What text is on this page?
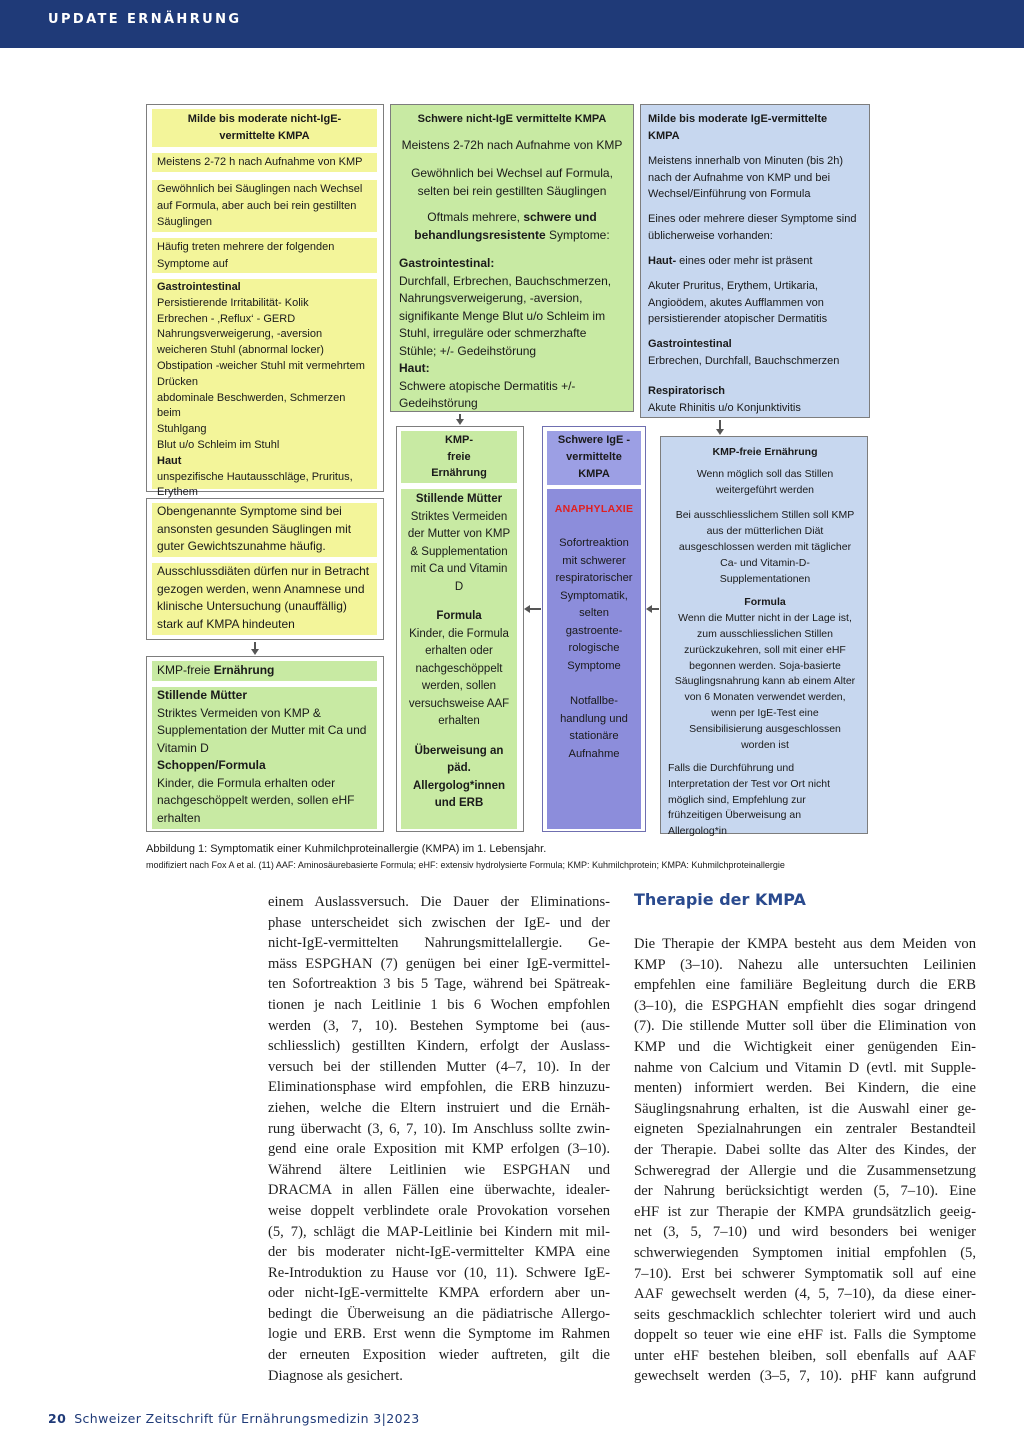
UPDATE ERNÄHRUNG
Milde bis moderate nicht-IgE-
vermittelte KMPA
Meistens 2-72 h nach Aufnahme von KMP
Gewöhnlich bei Säuglingen nach Wechsel
auf Formula, aber auch bei rein gestillten
Säuglingen
Häufig treten mehrere der folgenden
Symptome auf
Gastrointestinal
Persistierende Irritabilität- Kolik
Erbrechen - ‚Reflux‘ - GERD
Nahrungsverweigerung, -aversion
weicheren Stuhl (abnormal locker)
Obstipation -weicher Stuhl mit vermehrtem
Drücken
abdominale Beschwerden, Schmerzen beim
Stuhlgang
Blut u/o Schleim im Stuhl
Haut
unspezifische Hautausschläge, Pruritus,
Erythem
Obengenannte Symptome sind bei
ansonsten gesunden Säuglingen mit
guter Gewichtszunahme häufig.
Ausschlussdiäten dürfen nur in Betracht
gezogen werden, wenn Anamnese und
klinische Untersuchung (unauffällig)
stark auf KMPA hindeuten
KMP-freie Ernährung
Stillende Mütter
Striktes Vermeiden von KMP &
Supplementation der Mutter mit Ca und
Vitamin D
Schoppen/Formula
Kinder, die Formula erhalten oder
nachgeschöppelt werden, sollen eHF
erhalten
Schwere nicht-IgE vermittelte KMPA
Meistens 2-72h nach Aufnahme von KMP
Gewöhnlich bei Wechsel auf Formula,
selten bei rein gestillten Säuglingen
Oftmals mehrere, schwere und
behandlungsresistente Symptome:
Gastrointestinal:
Durchfall, Erbrechen, Bauchschmerzen,
Nahrungsverweigerung, -aversion,
signifikante Menge Blut u/o Schleim im
Stuhl, irreguläre oder schmerzhafte
Stühle; +/- Gedeihstörung
Haut:
Schwere atopische Dermatitis +/-
Gedeihstörung
KMP-
freie
Ernährung
Stillende Mütter
Striktes Vermeiden
der Mutter von KMP
& Supplementation
mit Ca und Vitamin
D
Formula
Kinder, die Formula
erhalten oder
nachgeschöppelt
werden, sollen
versuchsweise AAF
erhalten
Überweisung an
päd.
Allergolog*innen
und ERB
Milde bis moderate IgE-vermittelte
KMPA
Meistens innerhalb von Minuten (bis 2h)
nach der Aufnahme von KMP und bei
Wechsel/Einführung von Formula
Eines oder mehrere dieser Symptome sind
üblicherweise vorhanden:
Haut- eines oder mehr ist präsent
Akuter Pruritus, Erythem, Urtikaria,
Angioödem, akutes Aufflammen von
persistierender atopischer Dermatitis
Gastrointestinal
Erbrechen, Durchfall, Bauchschmerzen
Respiratorisch
Akute Rhinitis u/o Konjunktivitis
Schwere IgE -
vermittelte
KMPA
ANAPHYLAXIE
Sofortreaktion
mit schwerer
respiratorischer
Symptomatik,
selten
gastroente-
rologische
Symptome
Notfallbe-
handlung und
stationäre
Aufnahme
KMP-freie Ernährung
Wenn möglich soll das Stillen
weitergeführt werden
Bei ausschliesslichem Stillen soll KMP
aus der mütterlichen Diät
ausgeschlossen werden mit täglicher
Ca- und Vitamin-D-
Supplementationen
Formula
Wenn die Mutter nicht in der Lage ist,
zum ausschliesslichen Stillen
zurückzukehren, soll mit einer eHF
begonnen werden. Soja-basierte
Säuglingsnahrung kann ab einem Alter
von 6 Monaten verwendet werden,
wenn per IgE-Test eine
Sensibilisierung ausgeschlossen
worden ist
Falls die Durchführung und
Interpretation der Test vor Ort nicht
möglich sind, Empfehlung zur
frühzeitigen Überweisung an
Allergolog*in
Abbildung 1: Symptomatik einer Kuhmilchproteinallergie (KMPA) im 1. Lebensjahr.
modifiziert nach Fox A et al. (11) AAF: Aminosäurebasierte Formula; eHF: extensiv hydrolysierte Formula; KMP: Kuhmilchprotein; KMPA: Kuhmilchproteinallergie
einem Auslassversuch. Die Dauer der Eliminations-
phase unterscheidet sich zwischen der IgE- und der
nicht-IgE-vermittelten Nahrungsmittelallergie. Ge-
mäss ESPGHAN (7) genügen bei einer IgE-vermittel-
ten Sofortreaktion 3 bis 5 Tage, während bei Spätreak-
tionen je nach Leitlinie 1 bis 6 Wochen empfohlen
werden (3, 7, 10). Bestehen Symptome bei (aus-
schliesslich) gestillten Kindern, erfolgt der Auslass-
versuch bei der stillenden Mutter (4–7, 10). In der
Eliminationsphase wird empfohlen, die ERB hinzuzu-
ziehen, welche die Eltern instruiert und die Ernäh-
rung überwacht (3, 6, 7, 10). Im Anschluss sollte zwin-
gend eine orale Exposition mit KMP erfolgen (3–10).
Während ältere Leitlinien wie ESPGHAN und
DRACMA in allen Fällen eine überwachte, idealer-
weise doppelt verblindete orale Provokation vorsehen
(5, 7), schlägt die MAP-Leitlinie bei Kindern mit mil-
der bis moderater nicht-IgE-vermittelter KMPA eine
Re-Introduktion zu Hause vor (10, 11). Schwere IgE-
oder nicht-IgE-vermittelte KMPA erfordern aber un-
bedingt die Überweisung an die pädiatrische Allergo-
logie und ERB. Erst wenn die Symptome im Rahmen
der erneuten Exposition wieder auftreten, gilt die
Diagnose als gesichert.
Therapie der KMPA
Die Therapie der KMPA besteht aus dem Meiden von
KMP (3–10). Nahezu alle untersuchten Leilinien
empfehlen eine familiäre Begleitung durch die ERB
(3–10), die ESPGHAN empfiehlt dies sogar dringend
(7). Die stillende Mutter soll über die Elimination von
KMP und die Wichtigkeit einer genügenden Ein-
nahme von Calcium und Vitamin D (evtl. mit Supple-
menten) informiert werden. Bei Kindern, die eine
Säuglingsnahrung erhalten, ist die Auswahl einer ge-
eigneten Spezialnahrungen ein zentraler Bestandteil
der Therapie. Dabei sollte das Alter des Kindes, der
Schweregrad der Allergie und die Zusammensetzung
der Nahrung berücksichtigt werden (5, 7–10). Eine
eHF ist zur Therapie der KMPA grundsätzlich geeig-
net (3, 5, 7–10) und wird besonders bei weniger
schwerwiegenden Symptomen initial empfohlen (5,
7–10). Erst bei schwerer Symptomatik soll auf eine
AAF gewechselt werden (4, 5, 7–10), da diese einer-
seits geschmacklich schlechter toleriert wird und auch
doppelt so teuer wie eine eHF ist. Falls die Symptome
unter eHF bestehen bleiben, soll ebenfalls auf AAF
gewechselt werden (3–5, 7, 10). pHF kann aufgrund
20 Schweizer Zeitschrift für Ernährungsmedizin 3|2023
